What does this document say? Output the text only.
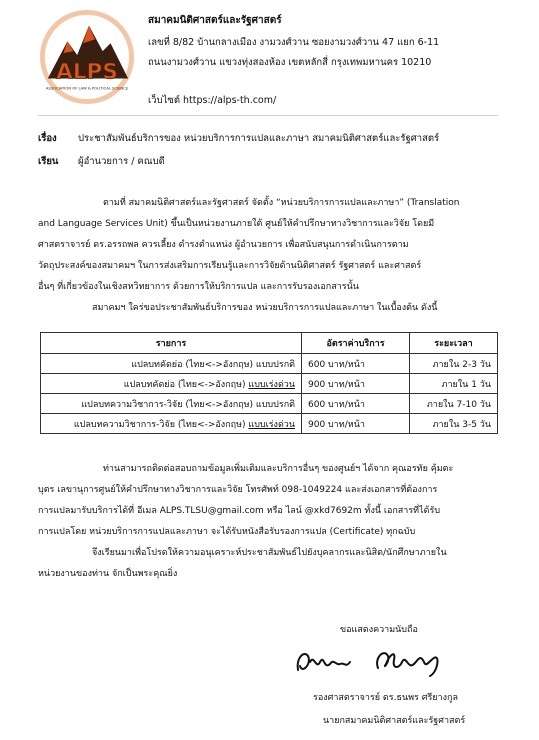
ALPS
ASSOCIATION OF LAW & POLITICAL SCIENCE
สมาคมนิติศาสตร์และรัฐศาสตร์
เลขที่ 8/82 บ้านกลางเมือง งามวงศ์วาน ซอยงามวงศ์วาน 47 แยก 6-11
ถนนงามวงศ์วาน แขวงทุ่งสองห้อง เขตหลักสี่ กรุงเทพมหานคร 10210
เว็บไซต์ https://alps-th.com/
เรื่อง ประชาสัมพันธ์บริการของ หน่วยบริการการแปลและภาษา สมาคมนิติศาสตร์และรัฐศาสตร์
เรียน ผู้อำนวยการ / คณบดี
ตามที่ สมาคมนิติศาสตร์และรัฐศาสตร์ จัดตั้ง “หน่วยบริการการแปลและภาษา” (Translation
and Language Services Unit) ขึ้นเป็นหน่วยงานภายใต้ ศูนย์ให้คำปรึกษาทางวิชาการและวิจัย โดยมี
ศาสตราจารย์ ดร.อรรถพล ควรเลี้ยง ดำรงตำแหน่ง ผู้อำนวยการ เพื่อสนับสนุนการดำเนินการตาม
วัตถุประสงค์ของสมาคมฯ ในการส่งเสริมการเรียนรู้และการวิจัยด้านนิติศาสตร์ รัฐศาสตร์ และศาสตร์
อื่นๆ ที่เกี่ยวข้องในเชิงสหวิทยาการ ด้วยการให้บริการแปล และการรับรองเอกสารนั้น
สมาคมฯ ใคร่ขอประชาสัมพันธ์บริการของ หน่วยบริการการแปลและภาษา ในเบื้องต้น ดังนี้
รายการ	อัตราค่าบริการ	ระยะเวลา
แปลบทคัดย่อ (ไทย<->อังกฤษ) แบบปรกติ	600 บาท/หน้า	ภายใน 2-3 วัน
แปลบทคัดย่อ (ไทย<->อังกฤษ) แบบเร่งด่วน	900 บาท/หน้า	ภายใน 1 วัน
แปลบทความวิชาการ-วิจัย (ไทย<->อังกฤษ) แบบปรกติ	600 บาท/หน้า	ภายใน 7-10 วัน
แปลบทความวิชาการ-วิจัย (ไทย<->อังกฤษ) แบบเร่งด่วน	900 บาท/หน้า	ภายใน 3-5 วัน
ท่านสามารถติดต่อสอบถามข้อมูลเพิ่มเติมและบริการอื่นๆ ของศูนย์ฯ ได้จาก คุณอรทัย คุ้มตะ
บุตร เลขานุการศูนย์ให้คำปรึกษาทางวิชาการและวิจัย โทรศัพท์ 098-1049224 และส่งเอกสารที่ต้องการ
การแปลมารับบริการได้ที่ อีเมล ALPS.TLSU@gmail.com หรือ ไลน์ @xkd7692m ทั้งนี้ เอกสารที่ได้รับ
การแปลโดย หน่วยบริการการแปลและภาษา จะได้รับหนังสือรับรองการแปล (Certificate) ทุกฉบับ
จึงเรียนมาเพื่อโปรดให้ความอนุเคราะห์ประชาสัมพันธ์ไปยังบุคลากรและนิสิต/นักศึกษาภายใน
หน่วยงานของท่าน จักเป็นพระคุณยิ่ง
ขอแสดงความนับถือ
รองศาสตราจารย์ ดร.ธนพร ศรียางกูล
นายกสมาคมนิติศาสตร์และรัฐศาสตร์
